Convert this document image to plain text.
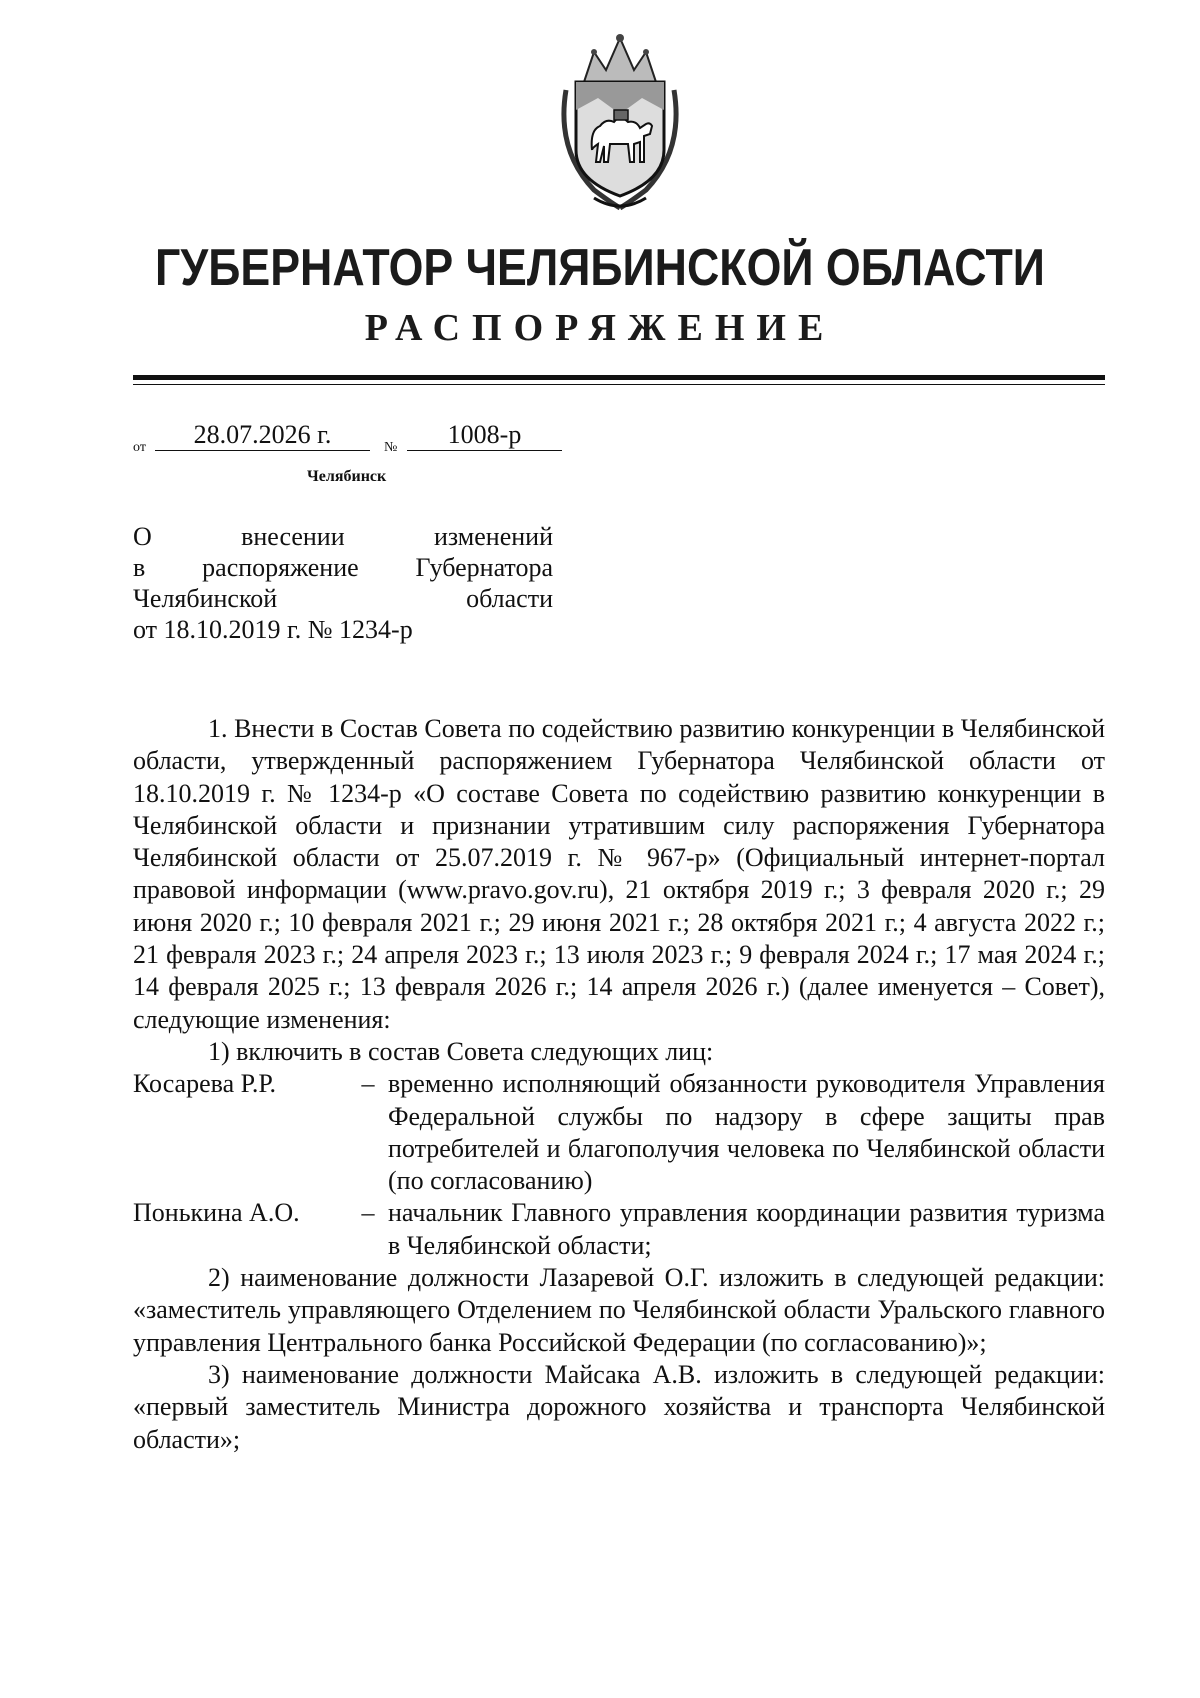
ГУБЕРНАТОР ЧЕЛЯБИНСКОЙ ОБЛАСТИ
РАСПОРЯЖЕНИЕ
от	28.07.2026 г.	№	1008-р
Челябинск
О внесении изменений
в распоряжение Губернатора
Челябинской области
от 18.10.2019 г. № 1234-р

1. Внести в Состав Совета по содействию развитию конкуренции в Челябинской области, утвержденный распоряжением Губернатора Челябинской области от 18.10.2019 г. № 1234-р «О составе Совета по содействию развитию конкуренции в Челябинской области и признании утратившим силу распоряжения Губернатора Челябинской области от 25.07.2019 г. № 967-р» (Официальный интернет-портал правовой информации (www.pravo.gov.ru), 21 октября 2019 г.; 3 февраля 2020 г.; 29 июня 2020 г.; 10 февраля 2021 г.; 29 июня 2021 г.; 28 октября 2021 г.; 4 августа 2022 г.; 21 февраля 2023 г.; 24 апреля 2023 г.; 13 июля 2023 г.; 9 февраля 2024 г.; 17 мая 2024 г.; 14 февраля 2025 г.; 13 февраля 2026 г.; 14 апреля 2026 г.) (далее именуется – Совет), следующие изменения:

1) включить в состав Совета следующих лиц:

Косарева Р.Р.	– временно исполняющий обязанности руководителя Управления Федеральной службы по надзору в сфере защиты прав потребителей и благополучия человека по Челябинской области (по согласованию)
Понькина А.О.	– начальник Главного управления координации развития туризма в Челябинской области;

2) наименование должности Лазаревой О.Г. изложить в следующей редакции: «заместитель управляющего Отделением по Челябинской области Уральского главного управления Центрального банка Российской Федерации (по согласованию)»;

3) наименование должности Майсака А.В. изложить в следующей редакции: «первый заместитель Министра дорожного хозяйства и транспорта Челябинской области»;
